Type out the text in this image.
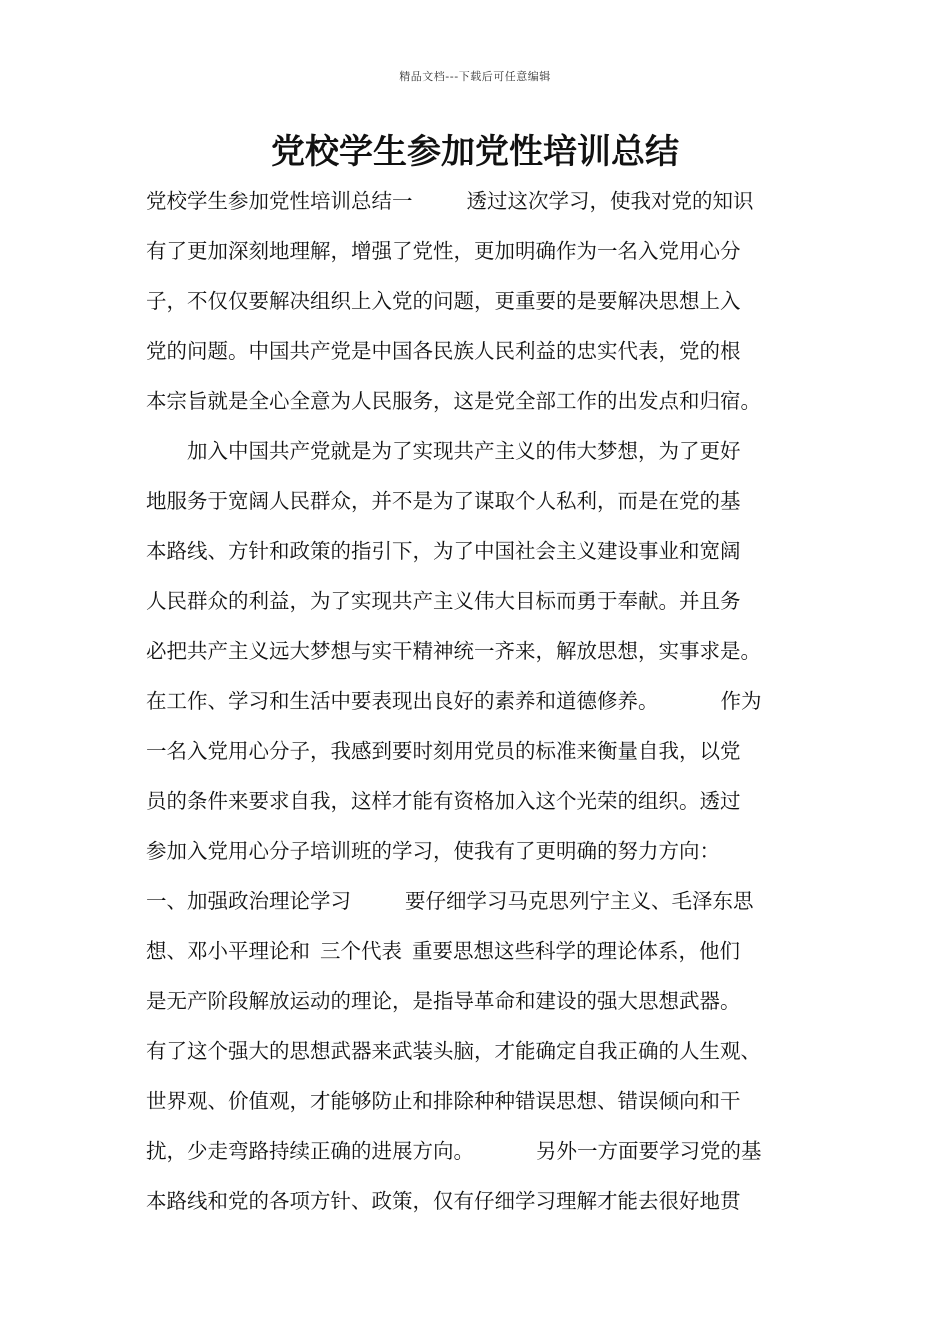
精品文档---下载后可任意编辑
党校学生参加党性培训总结
党校学生参加党性培训总结一	透过这次学习，使我对党的知识
有了更加深刻地理解，增强了党性，更加明确作为一名入党用心分
子，不仅仅要解决组织上入党的问题，更重要的是要解决思想上入
党的问题。中国共产党是中国各民族人民利益的忠实代表，党的根
本宗旨就是全心全意为人民服务，这是党全部工作的出发点和归宿。
　　加入中国共产党就是为了实现共产主义的伟大梦想，为了更好
地服务于宽阔人民群众，并不是为了谋取个人私利，而是在党的基
本路线、方针和政策的指引下，为了中国社会主义建设事业和宽阔
人民群众的利益，为了实现共产主义伟大目标而勇于奉献。并且务
必把共产主义远大梦想与实干精神统一齐来，解放思想，实事求是。
在工作、学习和生活中要表现出良好的素养和道德修养。	作为
一名入党用心分子，我感到要时刻用党员的标准来衡量自我，以党
员的条件来要求自我，这样才能有资格加入这个光荣的组织。透过
参加入党用心分子培训班的学习，使我有了更明确的努力方向：
一、加强政治理论学习	要仔细学习马克思列宁主义、毛泽东思
想、邓小平理论和 三个代表 重要思想这些科学的理论体系，他们
是无产阶段解放运动的理论，是指导革命和建设的强大思想武器。
有了这个强大的思想武器来武装头脑，才能确定自我正确的人生观、
世界观、价值观，才能够防止和排除种种错误思想、错误倾向和干
扰，少走弯路持续正确的进展方向。	另外一方面要学习党的基
本路线和党的各项方针、政策，仅有仔细学习理解才能去很好地贯
